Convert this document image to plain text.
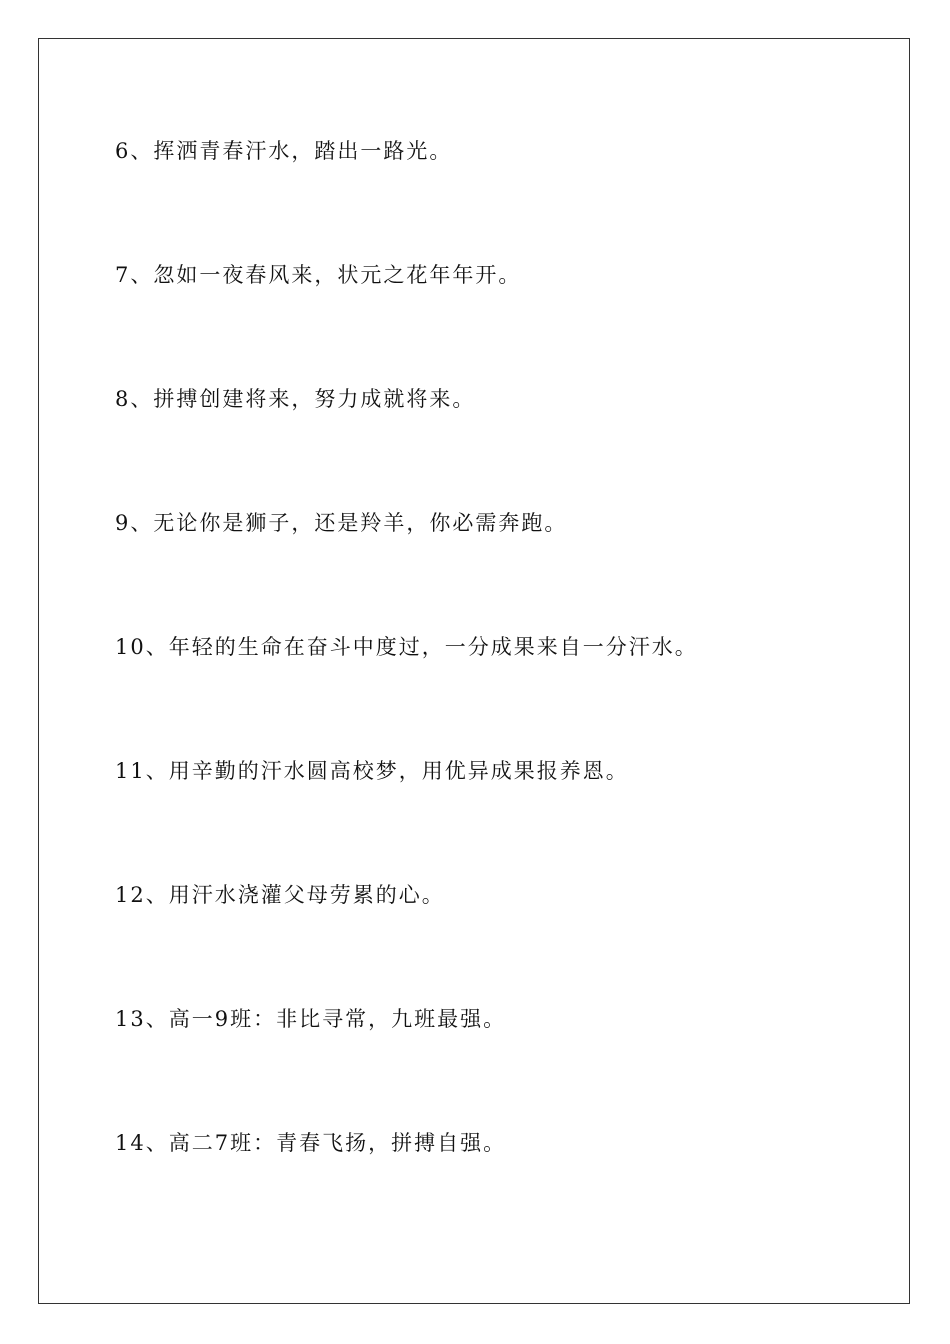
6、挥洒青春汗水，踏出一路光。
7、忽如一夜春风来，状元之花年年开。
8、拼搏创建将来，努力成就将来。
9、无论你是狮子，还是羚羊，你必需奔跑。
10、年轻的生命在奋斗中度过，一分成果来自一分汗水。
11、用辛勤的汗水圆高校梦，用优异成果报养恩。
12、用汗水浇灌父母劳累的心。
13、高一9班：非比寻常，九班最强。
14、高二7班：青春飞扬，拼搏自强。
